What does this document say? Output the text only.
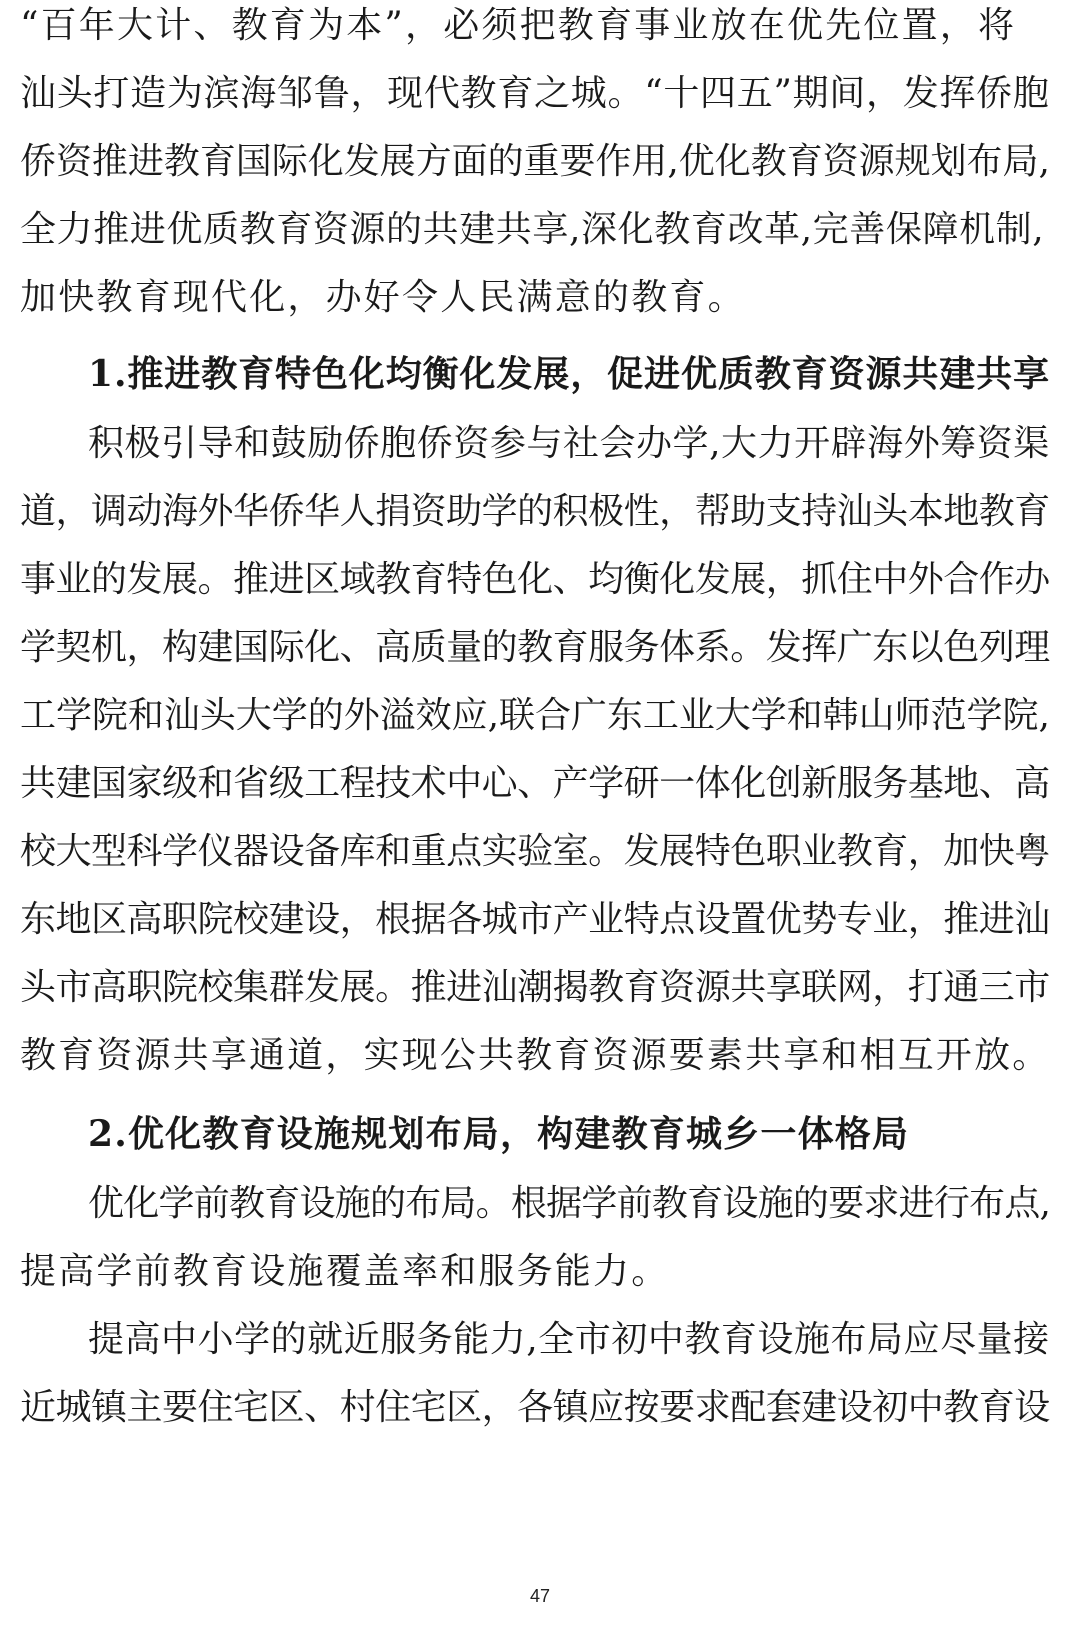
“百年大计、教育为本”，必须把教育事业放在优先位置，将
汕头打造为滨海邹鲁，现代教育之城。“十四五”期间，发挥侨胞
侨资推进教育国际化发展方面的重要作用,优化教育资源规划布局,
全力推进优质教育资源的共建共享,深化教育改革,完善保障机制,
加快教育现代化，办好令人民满意的教育。
1.推进教育特色化均衡化发展，促进优质教育资源共建共享
积极引导和鼓励侨胞侨资参与社会办学,大力开辟海外筹资渠
道，调动海外华侨华人捐资助学的积极性，帮助支持汕头本地教育
事业的发展。推进区域教育特色化、均衡化发展，抓住中外合作办
学契机，构建国际化、高质量的教育服务体系。发挥广东以色列理
工学院和汕头大学的外溢效应,联合广东工业大学和韩山师范学院,
共建国家级和省级工程技术中心、产学研一体化创新服务基地、高
校大型科学仪器设备库和重点实验室。发展特色职业教育，加快粤
东地区高职院校建设，根据各城市产业特点设置优势专业，推进汕
头市高职院校集群发展。推进汕潮揭教育资源共享联网，打通三市
教育资源共享通道，实现公共教育资源要素共享和相互开放。
2.优化教育设施规划布局，构建教育城乡一体格局
优化学前教育设施的布局。根据学前教育设施的要求进行布点,
提高学前教育设施覆盖率和服务能力。
提高中小学的就近服务能力,全市初中教育设施布局应尽量接
近城镇主要住宅区、村住宅区，各镇应按要求配套建设初中教育设
47
